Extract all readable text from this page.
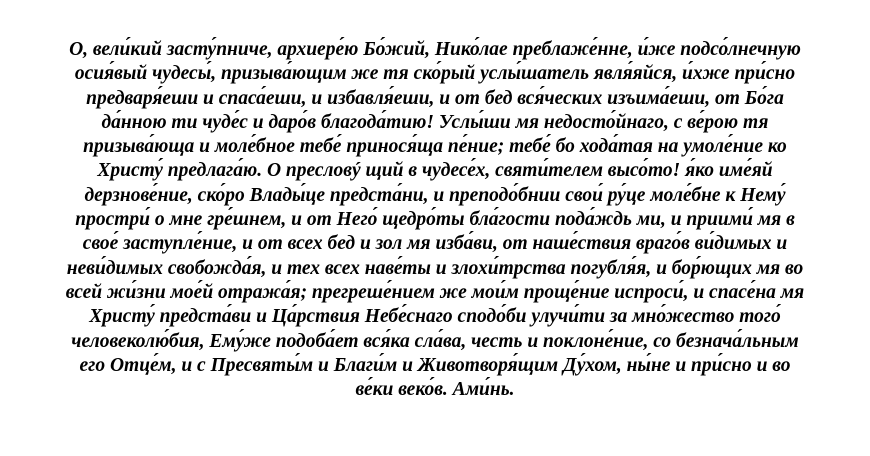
О, вели́кий засту́пниче, архиере́ю Бо́жий, Нико́лае преблаже́нне, и́же подсо́лнечную
осия́вый чудесы́, призыва́ющим же тя ско́рый услы́шатель явля́яйся, и́хже при́сно
предваря́еши и спаса́еши, и избавля́еши, и от бед вся́ческих изъима́еши, от Бо́га
да́нною ти чуде́с и даро́в благода́тию! Услы́ши мя недосто́йнаго, с ве́рою тя
призыва́юща и моле́бное тебе́ принося́ща пе́ние; тебе́ бо хода́тая на умоле́ние ко
Христу́ предлага́ю. О пресловý щий в чудесе́х, святи́телем высо́то! я́ко име́яй
дерзнове́ние, ско́ро Влады́це предста́ни, и преподо́бнии свои́ ру́це моле́бне к Нему́
простри́ о мне гре́шнем, и от Него́ щедро́ты бла́гости пода́ждь ми, и приими́ мя в
свое́ заступле́ние, и от всех бед и зол мя изба́ви, от наше́ствия враго́в ви́димых и
неви́димых свобожда́я, и тех всех наве́ты и злохи́трства погубля́я, и бор́ющих мя во
всей жи́зни мое́й отража́я; прегреше́нием же мои́м проще́ние испроси́, и спасе́на мя
Христу́ предста́ви и Ца́рствия Небе́снаго сподо́би улучи́ти за мно́жество того́
человеколю́бия, Ему́же подоба́ет вся́ка сла́ва, честь и поклоне́ние, со безнача́льным
его Отце́м, и с Пресвяты́м и Благи́м и Животворя́щим Ду́хом, ны́не и при́сно и во
ве́ки веко́в. Ами́нь.
